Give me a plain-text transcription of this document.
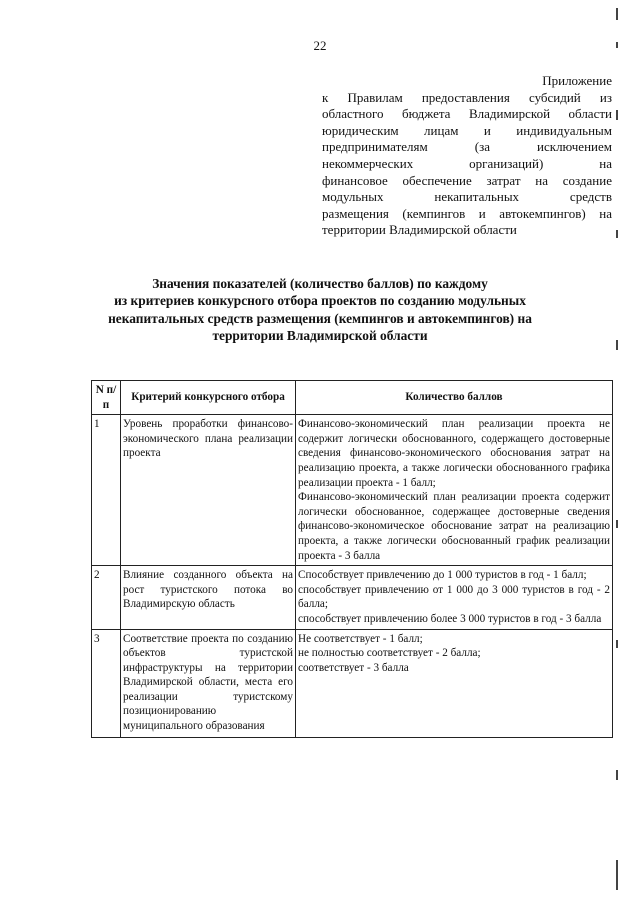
22
Приложение
к Правилам предоставления субсидий из
областного бюджета Владимирской области
юридическим лицам и индивидуальным
предпринимателям (за исключением
некоммерческих организаций) на
финансовое обеспечение затрат на создание
модульных некапитальных средств
размещения (кемпингов и автокемпингов) на
территории Владимирской области
Значения показателей (количество баллов) по каждому
из критериев конкурсного отбора проектов по созданию модульных
некапитальных средств размещения (кемпингов и автокемпингов) на
территории Владимирской области
N п/п	Критерий конкурсного отбора	Количество баллов
1	Уровень проработки финансово-экономического плана реализации проекта	Финансово-экономический план реализации проекта не содержит логически обоснованного, содержащего достоверные сведения финансово-экономического обоснования затрат на реализацию проекта, а также логически обоснованного графика реализации проекта - 1 балл;
Финансово-экономический план реализации проекта содержит логически обоснованное, содержащее достоверные сведения финансово-экономическое обоснование затрат на реализацию проекта, а также логически обоснованный график реализации проекта - 3 балла

2	Влияние созданного объекта на рост туристского потока во Владимирскую область	Способствует привлечению до 1 000 туристов в год - 1 балл;
способствует привлечению от 1 000 до 3 000 туристов в год - 2 балла;
способствует привлечению более 3 000 туристов в год - 3 балла

3	Соответствие проекта по созданию объектов туристской инфраструктуры на территории Владимирской области, места его реализации туристскому позиционированию муниципального образования	Не соответствует - 1 балл;
не полностью соответствует - 2 балла;
соответствует - 3 балла
